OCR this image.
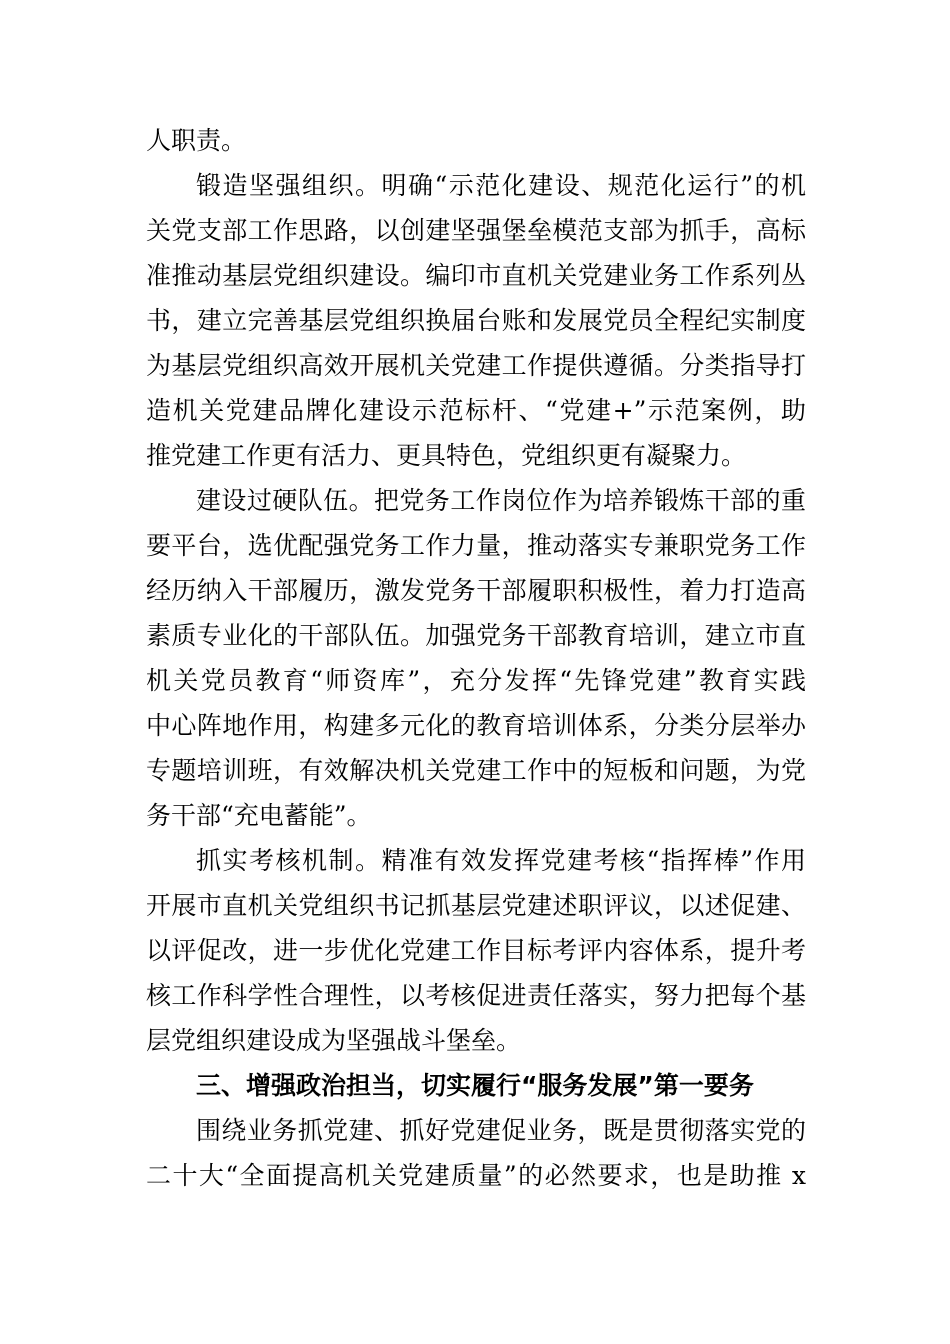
人职责。
锻造坚强组织。明确“示范化建设、规范化运行”的机
关党支部工作思路，以创建坚强堡垒模范支部为抓手，高标
准推动基层党组织建设。编印市直机关党建业务工作系列丛
书，建立完善基层党组织换届台账和发展党员全程纪实制度
为基层党组织高效开展机关党建工作提供遵循。分类指导打
造机关党建品牌化建设示范标杆、“党建+”示范案例，助
推党建工作更有活力、更具特色，党组织更有凝聚力。
建设过硬队伍。把党务工作岗位作为培养锻炼干部的重
要平台，选优配强党务工作力量，推动落实专兼职党务工作
经历纳入干部履历，激发党务干部履职积极性，着力打造高
素质专业化的干部队伍。加强党务干部教育培训，建立市直
机关党员教育“师资库”，充分发挥“先锋党建”教育实践
中心阵地作用，构建多元化的教育培训体系，分类分层举办
专题培训班，有效解决机关党建工作中的短板和问题，为党
务干部“充电蓄能”。
抓实考核机制。精准有效发挥党建考核“指挥棒”作用
开展市直机关党组织书记抓基层党建述职评议，以述促建、
以评促改，进一步优化党建工作目标考评内容体系，提升考
核工作科学性合理性，以考核促进责任落实，努力把每个基
层党组织建设成为坚强战斗堡垒。
三、增强政治担当，切实履行“服务发展”第一要务
围绕业务抓党建、抓好党建促业务，既是贯彻落实党的
二十大“全面提高机关党建质量”的必然要求，也是助推 x
